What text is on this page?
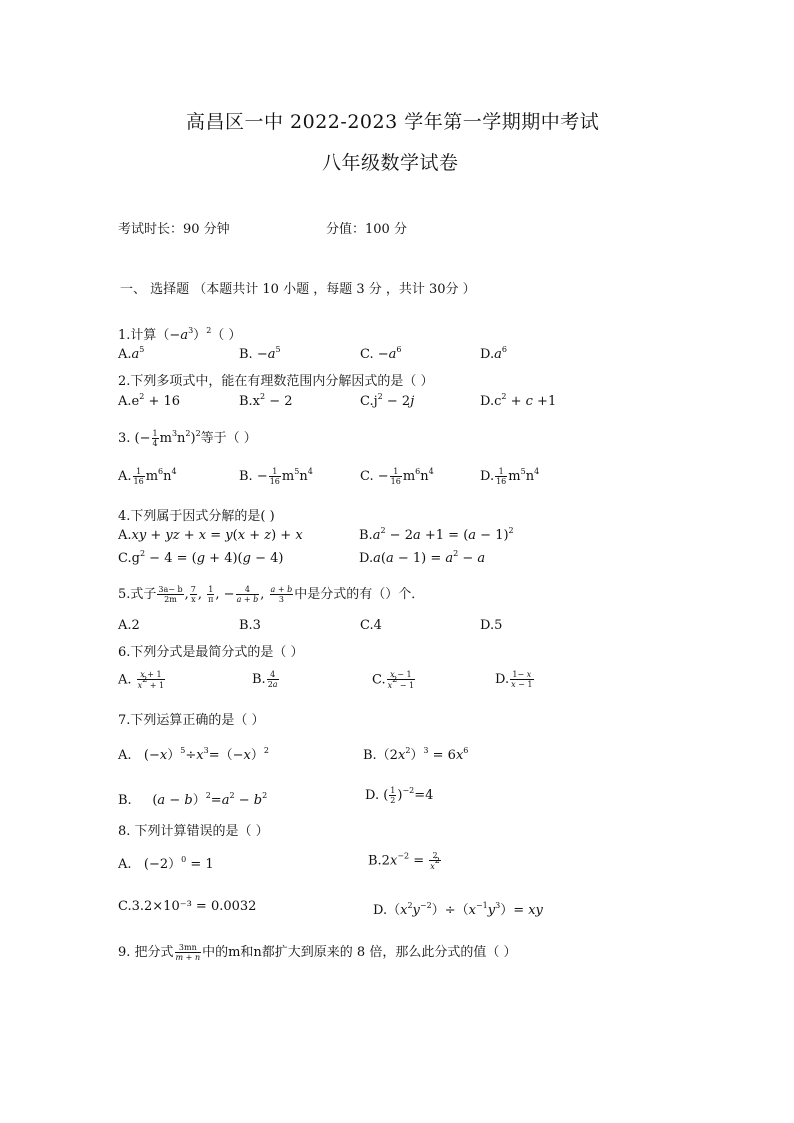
高昌区一中 2022-2023 学年第一学期期中考试
八年级数学试卷
考试时长：90 分钟	分值：100 分
一、 选择题 （本题共计 10 小题 ，每题 3 分 ，共计 30分 ）
1.计算$(-a^3)^2$（ ）
$A.a^5$	B. $-a^5$	C. $-a^6$	$D.a^6$
2.下列多项式中，能在有理数范围内分解因式的是（ ）
$A.e^2 + 16$	$B.x^2 - 2$	$C.j^2 - 2j$	$D.c^2 + c +1$
3. (− $\frac{1}{4} m^3n^2)^2$等于（ ）
A. $\frac{1}{16} m^6n^4$	B. − $\frac{1}{16} m^5n^4$	C. − $\frac{1}{16} m^6n^4$	D. $\frac{1}{16} m^5n^4$
4.下列属于因式分解的是( )
A.xy + yz + x = y(x + z) + x	$B.a^2 - 2a +1 = (a - 1)^2$
$C.g^2 - 4 = (g + 4)(g - 4)$	$D.a(a - 1) = a^2 - a$
5.式子 $\frac{3a- b}{2m}$ , $\frac{7}{x}$ , $\frac{1}{\pi}$ , − $\frac{4}{a + b}$ , $\frac{a + b}{3}$ 中是分式的有（）个．
A.2	B.3	C.4	D.5
6.下列分式是最简分式的是（ ）
A. $\frac{x + 1}{x^2 + 1}$	B. $\frac{4}{2a}$	C. $\frac{x - 1}{x^2 - 1}$	D. $\frac{1- x}{x - 1}$
7.下列运算正确的是（ ）
A.   $(-x)^5\div x^3=(-x)^2$	$B.(2x^2)^3 = 6x^6$
B.     $(a - b)^2=a^2 - b^2$	D. ( $\frac{1}{2} )^{-2}=4$
8. 下列计算错误的是（ ）
A.   (−2）$^0$ = 1	$B.2x^{-2} = \frac{2}{x^2}$
C.3.2×10⁻³ = 0.0032	$D.(x^2y^{-2})\div(x^{-1}y^3)=$ xy
9. 把分式 $\frac{3mn}{m + n}$ 中的m和n都扩大到原来的 8 倍，那么此分式的值（ ）
